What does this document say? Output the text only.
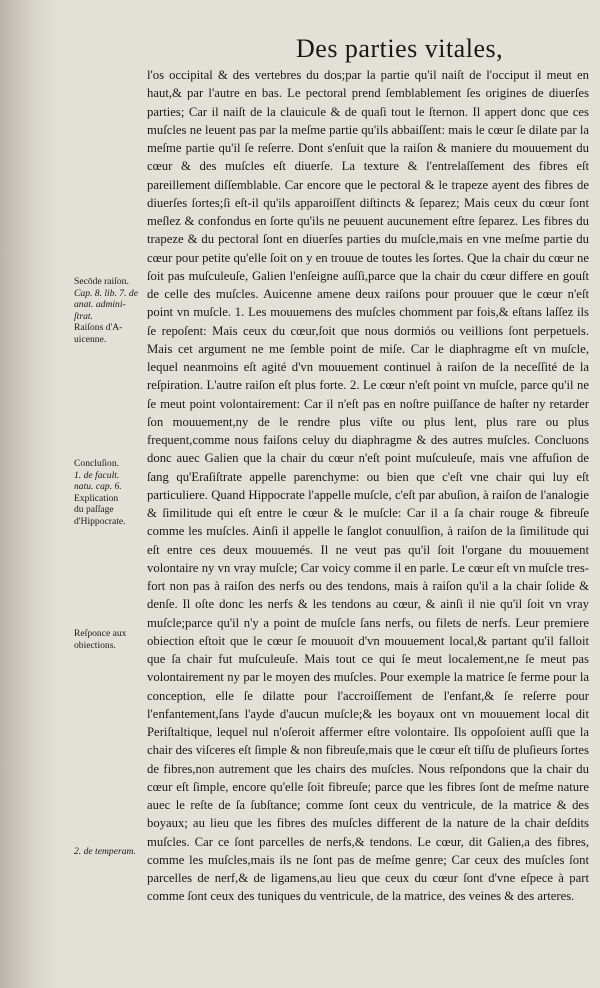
Des parties vitales,
Secōde raiſon.
Cap. 8. lib. 7. de
anat. admini-
ſtrat.
Raiſons d'A-
uicenne.
Concluſion.
1. de facult.
natu. cap. 6.
Explication
du paſſage
d'Hippocrate.
Reſponce aux
obiections.
2. de temperam.

l'os occipital & des vertebres du dos;par la partie qu'il naiſt de l'occiput il meut en haut,& par l'autre en bas. Le pectoral prend ſemblablement ſes origines de diuerſes parties; Car il naiſt de la clauicule & de quaſi tout le ſternon. Il appert donc que ces muſcles ne leuent pas par la meſme partie qu'ils abbaiſſent: mais le cœur ſe dilate par la meſme partie qu'il ſe reſerre. Dont s'enſuit que la raiſon & maniere du mouuement du cœur & des muſcles eſt diuerſe. La texture & l'entrelaſſement des fibres eſt pareillement diſſemblable. Car encore que le pectoral & le trapeze ayent des fibres de diuerſes ſortes;ſi eſt-il qu'ils apparoiſſent diſtincts & ſeparez; Mais ceux du cœur ſont meſlez & confondus en ſorte qu'ils ne peuuent aucunement eſtre ſeparez. Les fibres du trapeze & du pectoral ſont en diuerſes parties du muſcle,mais en vne meſme partie du cœur pour petite qu'elle ſoit on y en trouue de toutes les ſortes. Que la chair du cœur ne ſoit pas muſculeuſe, Galien l'enſeigne auſſi,parce que la chair du cœur differe en gouſt de celle des muſcles. Auicenne amene deux raiſons pour prouuer que le cœur n'eſt point vn muſcle. 1. Les mouuemens des muſcles chomment par fois,& eſtans laſſez ils ſe repoſent: Mais ceux du cœur,ſoit que nous dormiós ou veillions ſont perpetuels. Mais cet argument ne me ſemble point de miſe. Car le diaphragme eſt vn muſcle, lequel neanmoins eſt agité d'vn mouuement continuel à raiſon de la neceſſité de la reſpiration. L'autre raiſon eſt plus forte. 2. Le cœur n'eſt point vn muſcle, parce qu'il ne ſe meut point volontairement: Car il n'eſt pas en noſtre puiſſance de haſter ny retarder ſon mouuement,ny de le rendre plus viſte ou plus lent, plus rare ou plus frequent,comme nous faiſons celuy du diaphragme & des autres muſcles. Concluons donc auec Galien que la chair du cœur n'eſt point muſculeuſe, mais vne affuſion de ſang qu'Eraſiſtrate appelle parenchyme: ou bien que c'eſt vne chair qui luy eſt particuliere. Quand Hippocrate l'appelle muſcle, c'eſt par abuſion, à raiſon de l'analogie & ſimilitude qui eſt entre le cœur & le muſcle: Car il a ſa chair rouge & fibreuſe comme les muſcles. Ainſi il appelle le ſanglot conuulſion, à raiſon de la ſimilitude qui eſt entre ces deux mouuemés. Il ne veut pas qu'il ſoit l'organe du mouuement volontaire ny vn vray muſcle; Car voicy comme il en parle. Le cœur eſt vn muſcle tres-fort non pas à raiſon des nerfs ou des tendons, mais à raiſon qu'il a la chair ſolide & denſe. Il oſte donc les nerfs & les tendons au cœur, & ainſi il nie qu'il ſoit vn vray muſcle;parce qu'il n'y a point de muſcle ſans nerfs, ou filets de nerfs. Leur premiere obiection eſtoit que le cœur ſe mouuoit d'vn mouuement local,& partant qu'il falloit que ſa chair fut muſculeuſe. Mais tout ce qui ſe meut localement,ne ſe meut pas volontairement ny par le moyen des muſcles. Pour exemple la matrice ſe ferme pour la conception, elle ſe dilatte pour l'accroiſſement de l'enfant,& ſe reſerre pour l'enfantement,ſans l'ayde d'aucun muſcle;& les boyaux ont vn mouuement local dit Periſtaltique, lequel nul n'oſeroit affermer eſtre volontaire. Ils oppoſoient auſſi que la chair des viſceres eſt ſimple & non fibreuſe,mais que le cœur eſt tiſſu de pluſieurs ſortes de fibres,non autrement que les chairs des muſcles. Nous reſpondons que la chair du cœur eſt ſimple, encore qu'elle ſoit fibreuſe; parce que les fibres ſont de meſme nature auec le reſte de ſa ſubſtance; comme ſont ceux du ventricule, de la matrice & des boyaux; au lieu que les fibres des muſcles different de la nature de la chair deſdits muſcles. Car ce ſont parcelles de nerfs,& tendons. Le cœur, dit Galien,a des fibres, comme les muſcles,mais ils ne ſont pas de meſme genre; Car ceux des muſcles ſont parcelles de nerf,& de ligamens,au lieu que ceux du cœur ſont d'vne eſpece à part comme ſont ceux des tuniques du ventricule, de la matrice, des veines & des arteres.
